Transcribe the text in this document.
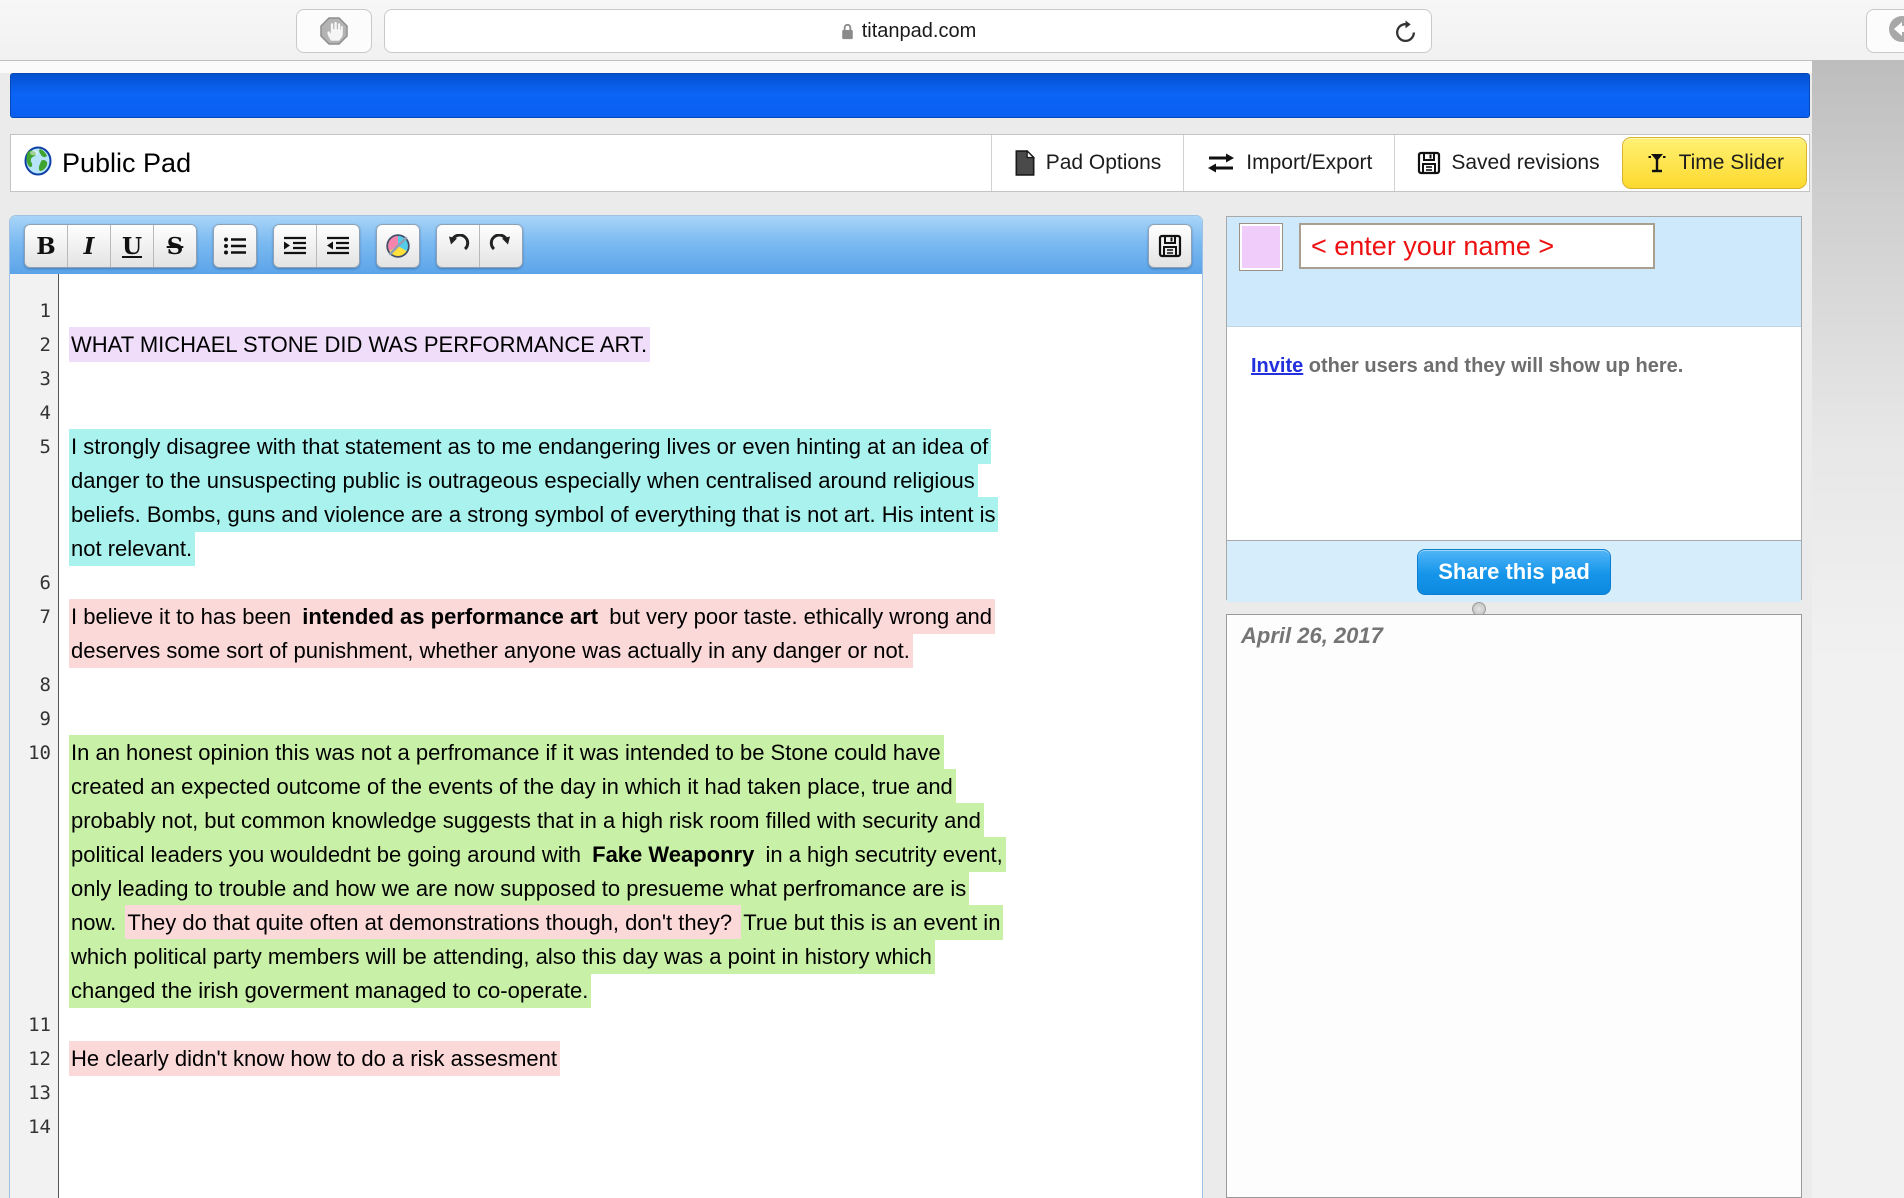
titanpad.com
Public Pad	Pad Options	Import/Export	Saved revisions	Time Slider
B I U S
1
2
3
4
5
6
7
8
9
10
11
12
13
14
WHAT MICHAEL STONE DID WAS PERFORMANCE ART.
I strongly disagree with that statement as to me endangering lives or even hinting at an idea of
danger to the unsuspecting public is outrageous especially when centralised around religious
beliefs. Bombs, guns and violence are a strong symbol of everything that is not art. His intent is
not relevant.
I believe it to has been intended as performance art but very poor taste. ethically wrong and
deserves some sort of punishment, whether anyone was actually in any danger or not.
In an honest opinion this was not a perfromance if it was intended to be Stone could have
created an expected outcome of the events of the day in which it had taken place, true and
probably not, but common knowledge suggests that in a high risk room filled with security and
political leaders you wouldednt be going around with Fake Weaponry in a high secutrity event,
only leading to trouble and how we are now supposed to presueme what perfromance are is
now. They do that quite often at demonstrations though, don't they? True but this is an event in
which political party members will be attending, also this day was a point in history which
changed the irish goverment managed to co-operate.
He clearly didn't know how to do a risk assesment
< enter your name >
Invite other users and they will show up here.
Share this pad
April 26, 2017
